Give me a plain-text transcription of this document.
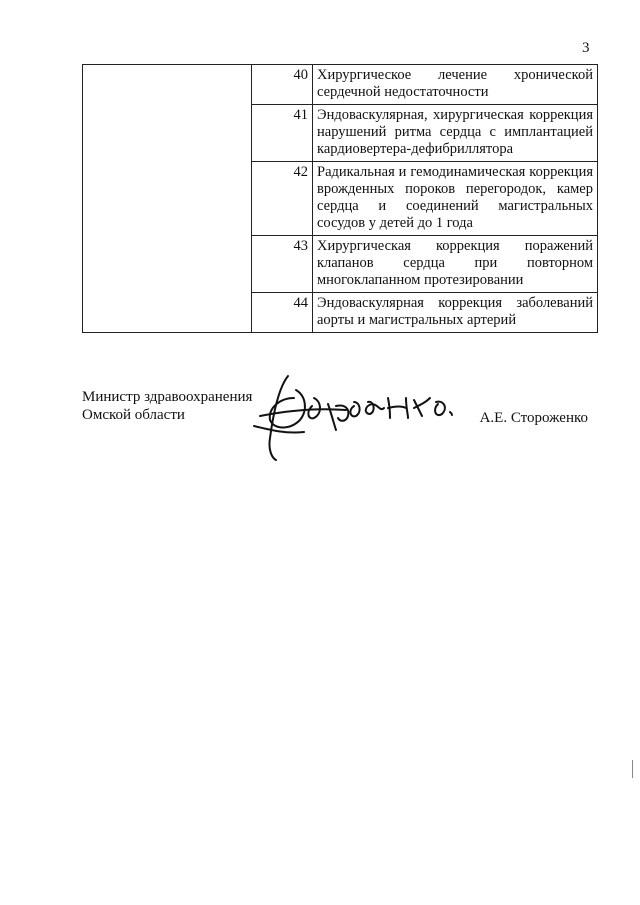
3
	40	Хирургическое лечение хронической сердечной недостаточности

	41	Эндоваскулярная, хирургическая коррекция нарушений ритма сердца с имплантацией кардиовертера-дефибриллятора

	42	Радикальная и гемодинамическая коррекция врожденных пороков перегородок, камер сердца и соединений магистральных сосудов у детей до 1 года

	43	Хирургическая коррекция поражений клапанов сердца при повторном многоклапанном протезировании

	44	Эндоваскулярная коррекция заболеваний аорты и магистральных артерий
Министр здравоохранения
Омской области	А.Е. Стороженко
